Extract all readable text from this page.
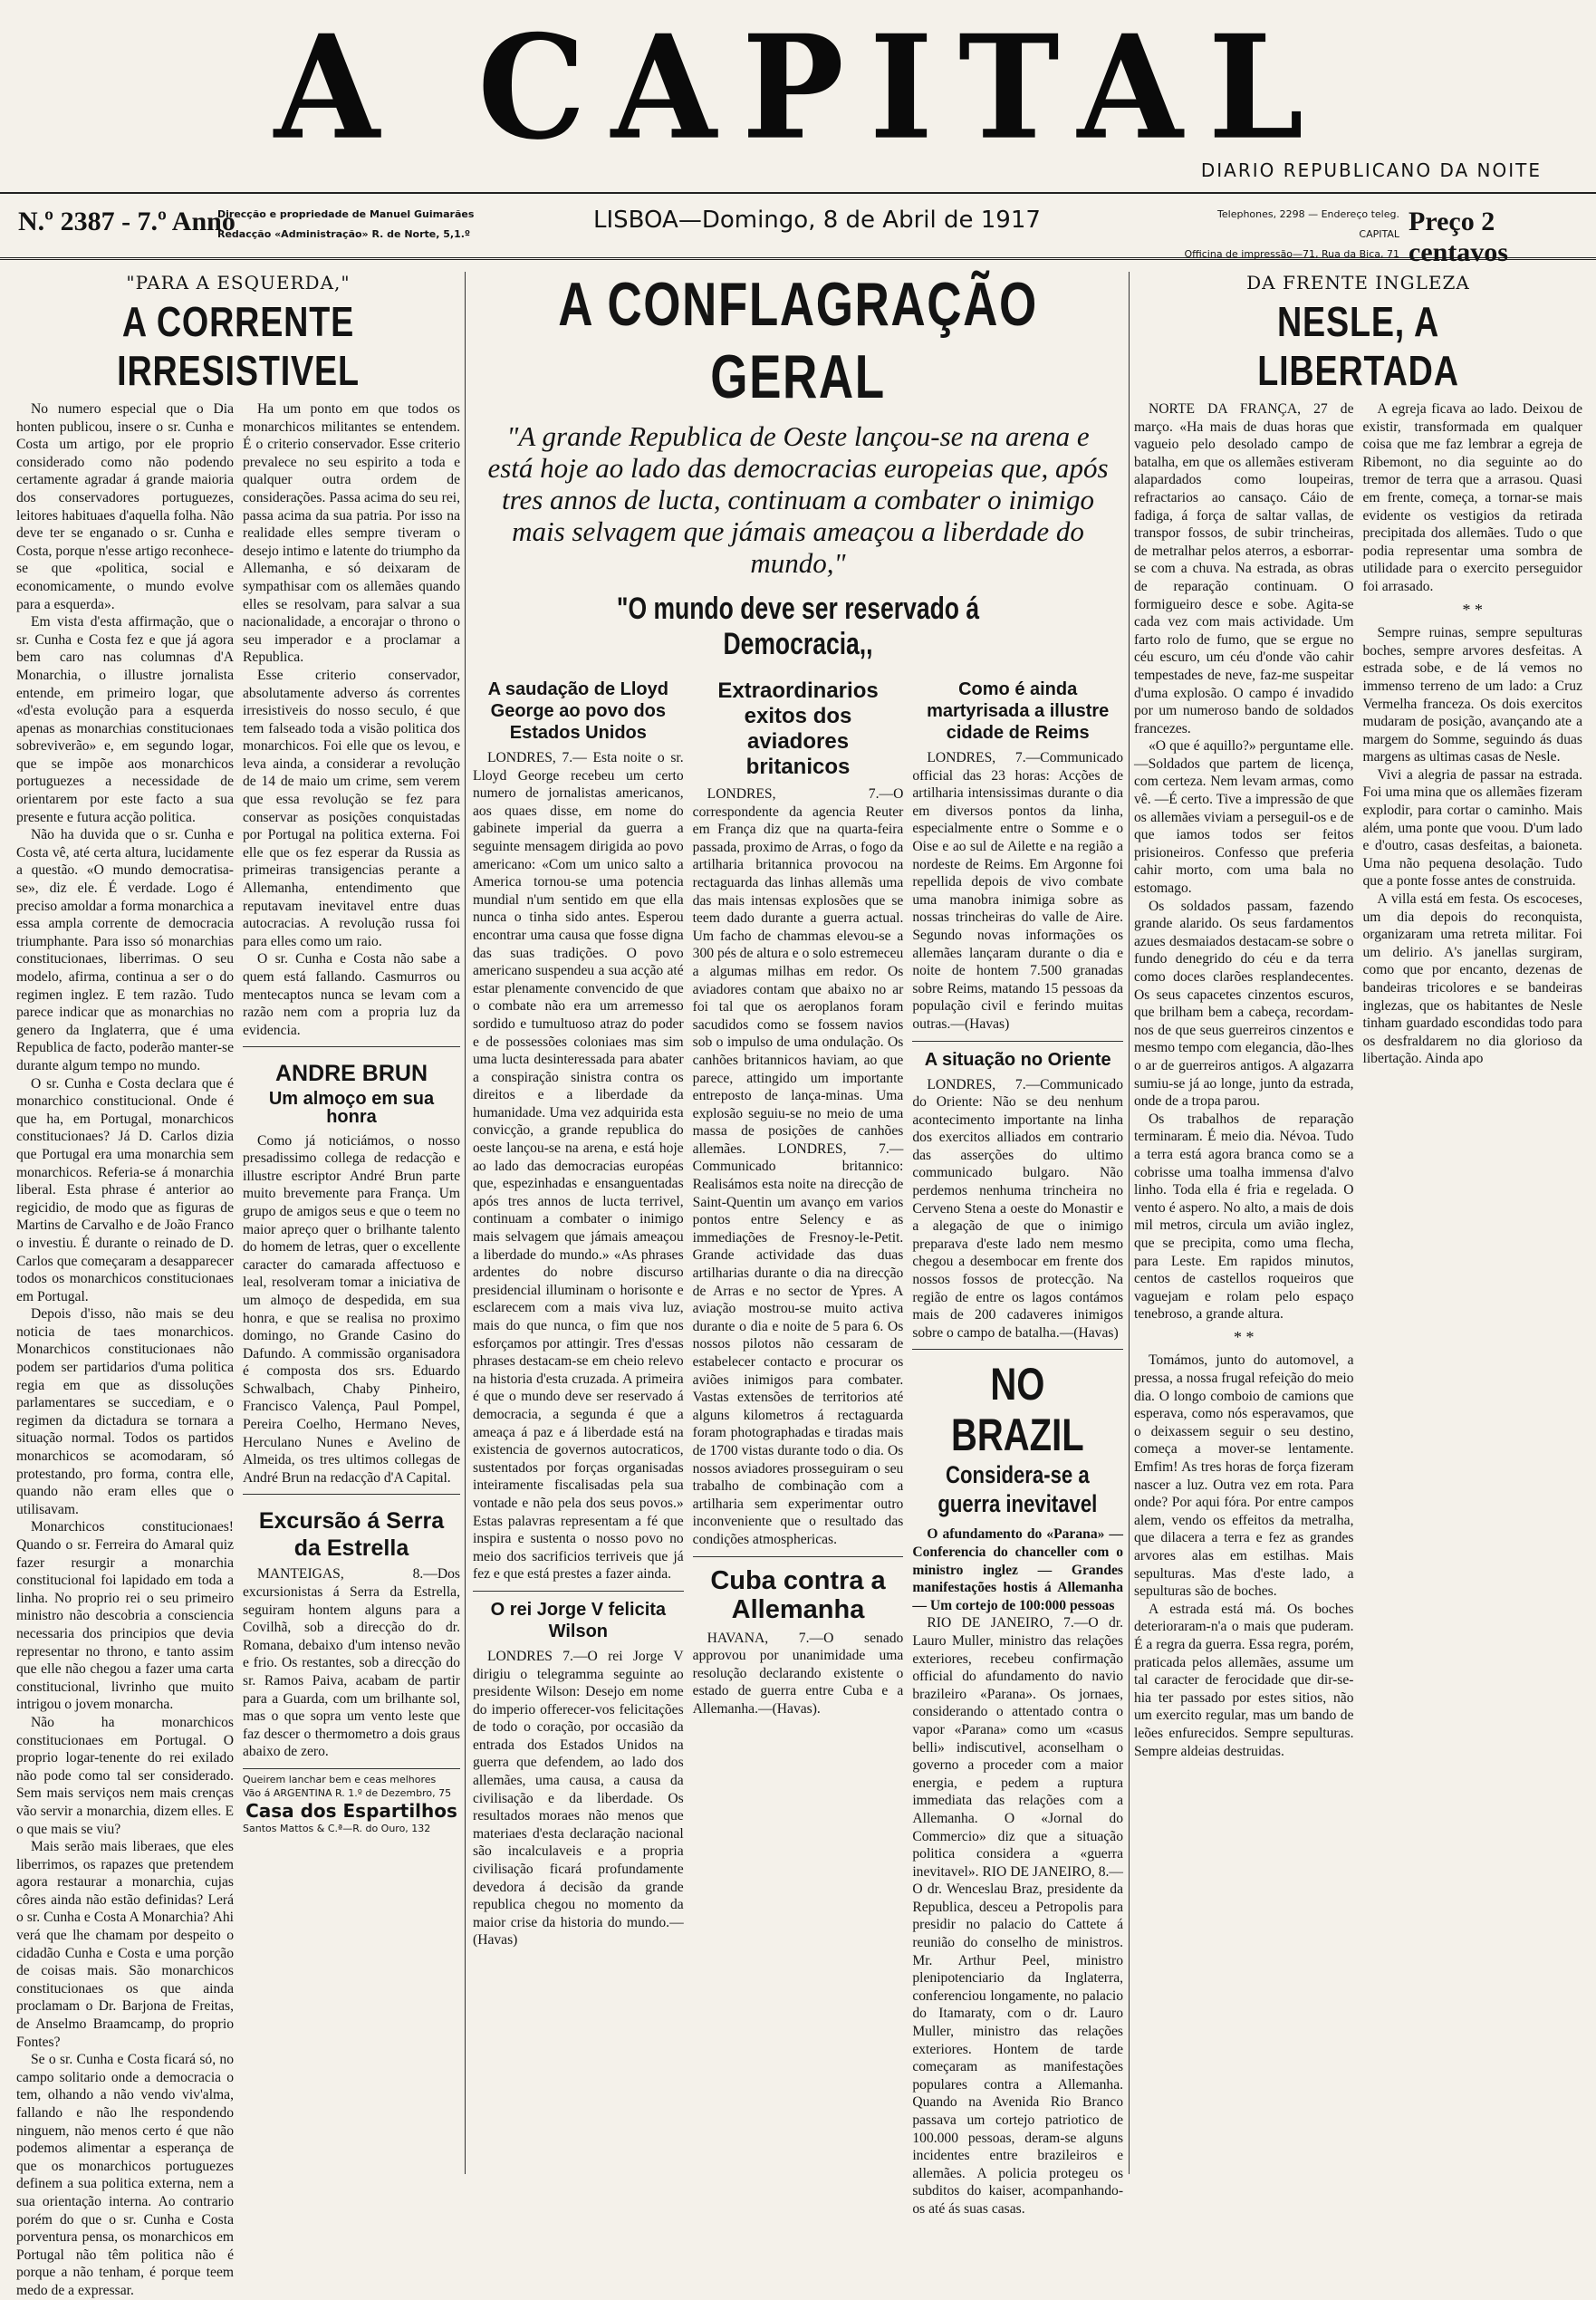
A CAPITAL
DIARIO REPUBLICANO DA NOITE
N.º 2387 - 7.º Anno
Direcção e propriedade de Manuel Guimarães
Redacção «Administração» R. de Norte, 5,1.º
LISBOA—Domingo, 8 de Abril de 1917	Telephones, 2298 — Endereço teleg. CAPITAL
Officina de impressão—71, Rua da Bica, 71
Preço 2 centavos
"PARA A ESQUERDA,"
A CORRENTE IRRESISTIVEL

No numero especial que o Dia honten publicou, insere o sr. Cunha e Costa um artigo, por ele proprio considerado como não podendo certamente agradar á grande maioria dos conservadores portuguezes, leitores habituaes d'aquella folha. Não deve ter se enganado o sr. Cunha e Costa, porque n'esse artigo reconhece-se que «politica, social e economicamente, o mundo evolve para a esquerda».

Em vista d'esta affirmação, que o sr. Cunha e Costa fez e que já agora bem caro nas columnas d'A Monarchia, o illustre jornalista entende, em primeiro logar, que «d'esta evolução para a esquerda apenas as monarchias constitucionaes sobreviverão» e, em segundo logar, que se impõe aos monarchicos portuguezes a necessidade de orientarem por este facto a sua presente e futura acção politica.

Não ha duvida que o sr. Cunha e Costa vê, até certa altura, lucidamente a questão. «O mundo democratisa-se», diz ele. É verdade. Logo é preciso amoldar a forma monarchica a essa ampla corrente de democracia triumphante. Para isso só monarchias constitucionaes, liberrimas. O seu modelo, afirma, continua a ser o do regimen inglez. E tem razão. Tudo parece indicar que as monarchias no genero da Inglaterra, que é uma Republica de facto, poderão manter-se durante algum tempo no mundo.

O sr. Cunha e Costa declara que é monarchico constitucional. Onde é que ha, em Portugal, monarchicos constitucionaes? Já D. Carlos dizia que Portugal era uma monarchia sem monarchicos. Referia-se á monarchia liberal. Esta phrase é anterior ao regicidio, de modo que as figuras de Martins de Carvalho e de João Franco o investiu. É durante o reinado de D. Carlos que começaram a desapparecer todos os monarchicos constitucionaes em Portugal.

Depois d'isso, não mais se deu noticia de taes monarchicos. Monarchicos constitucionaes não podem ser partidarios d'uma politica regia em que as dissoluções parlamentares se succediam, e o regimen da dictadura se tornara a situação normal. Todos os partidos monarchicos se acomodaram, só protestando, pro forma, contra elle, quando não eram elles que o utilisavam.

Monarchicos constitucionaes! Quando o sr. Ferreira do Amaral quiz fazer resurgir a monarchia constitucional foi lapidado em toda a linha. No proprio rei o seu primeiro ministro não descobria a consciencia necessaria dos principios que devia representar no throno, e tanto assim que elle não chegou a fazer uma carta constitucional, livrinho que muito intrigou o jovem monarcha.

Não ha monarchicos constitucionaes em Portugal. O proprio logar-tenente do rei exilado não pode como tal ser considerado. Sem mais serviços nem mais crenças vão servir a monarchia, dizem elles. E o que mais se viu?

Mais serão mais liberaes, que eles liberrimos, os rapazes que pretendem agora restaurar a monarchia, cujas côres ainda não estão definidas? Lerá o sr. Cunha e Costa A Monarchia? Ahi verá que lhe chamam por despeito o cidadão Cunha e Costa e uma porção de coisas mais. São monarchicos constitucionaes os que ainda proclamam o Dr. Barjona de Freitas, de Anselmo Braamcamp, do proprio Fontes?

Se o sr. Cunha e Costa ficará só, no campo solitario onde a democracia o tem, olhando a não vendo viv'alma, fallando e não lhe respondendo ninguem, não menos certo é que não podemos alimentar a esperança de que os monarchicos portuguezes definem a sua politica externa, nem a sua orientação interna. Ao contrario porém do que o sr. Cunha e Costa porventura pensa, os monarchicos em Portugal não têm politica não é porque a não tenham, é porque teem medo de a expressar.

Ha um ponto em que todos os monarchicos militantes se entendem. É o criterio conservador. Esse criterio prevalece no seu espirito a toda e qualquer outra ordem de considerações. Passa acima do seu rei, passa acima da sua patria. Por isso na realidade elles sempre tiveram o desejo intimo e latente do triumpho da Allemanha, e só deixaram de sympathisar com os allemães quando elles se resolvam, para salvar a sua nacionalidade, a encorajar o throno o seu imperador e a proclamar a Republica.

Esse criterio conservador, absolutamente adverso ás correntes irresistiveis do nosso seculo, é que tem falseado toda a visão politica dos monarchicos. Foi elle que os levou, e leva ainda, a considerar a revolução de 14 de maio um crime, sem verem que essa revolução se fez para conservar as posições conquistadas por Portugal na politica externa. Foi elle que os fez esperar da Russia as primeiras transigencias perante a Allemanha, entendimento que reputavam inevitavel entre duas autocracias. A revolução russa foi para elles como um raio.

O sr. Cunha e Costa não sabe a quem está fallando. Casmurros ou mentecaptos nunca se levam com a razão nem com a propria luz da evidencia.

ANDRE BRUN
Um almoço em sua honra

Como já noticiámos, o nosso presadissimo collega de redacção e illustre escriptor André Brun parte muito brevemente para França. Um grupo de amigos seus e que o teem no maior apreço quer o brilhante talento do homem de letras, quer o excellente caracter do camarada affectuoso e leal, resolveram tomar a iniciativa de um almoço de despedida, em sua honra, e que se realisa no proximo domingo, no Grande Casino do Dafundo. A commissão organisadora é composta dos srs. Eduardo Schwalbach, Chaby Pinheiro, Francisco Valença, Paul Pompel, Pereira Coelho, Hermano Neves, Herculano Nunes e Avelino de Almeida, os tres ultimos collegas de André Brun na redacção d'A Capital.

Excursão á Serra da Estrella

MANTEIGAS, 8.—Dos excursionistas á Serra da Estrella, seguiram hontem alguns para a Covilhã, sob a direcção do dr. Romana, debaixo d'um intenso nevão e frio. Os restantes, sob a direcção do sr. Ramos Paiva, acabam de partir para a Guarda, com um brilhante sol, mas o que sopra um vento leste que faz descer o thermometro a dois graus abaixo de zero.

Queirem lanchar bem e ceas melhores
Vão á ARGENTINA R. 1.º de Dezembro, 75
Casa dos Espartilhos
Santos Mattos & C.ª—R. do Ouro, 132
A CONFLAGRAÇÃO GERAL
"A grande Republica de Oeste lançou-se na arena e está hoje ao lado das democracias europeias que, após tres annos de lucta, continuam a combater o inimigo mais selvagem que jámais ameaçou a liberdade do mundo,"
"O mundo deve ser reservado á Democracia,,
A saudação de Lloyd George ao povo dos Estados Unidos

LONDRES, 7.— Esta noite o sr. Lloyd George recebeu um certo numero de jornalistas americanos, aos quaes disse, em nome do gabinete imperial da guerra a seguinte mensagem dirigida ao povo americano: «Com um unico salto a America tornou-se uma potencia mundial n'um sentido em que ella nunca o tinha sido antes. Esperou encontrar uma causa que fosse digna das suas tradições. O povo americano suspendeu a sua acção até estar plenamente convencido de que o combate não era um arremesso sordido e tumultuoso atraz do poder e de possessões coloniaes mas sim uma lucta desinteressada para abater a conspiração sinistra contra os direitos e a liberdade da humanidade. Uma vez adquirida esta convicção, a grande republica do oeste lançou-se na arena, e está hoje ao lado das democracias européas que, espezinhadas e ensanguentadas após tres annos de lucta terrivel, continuam a combater o inimigo mais selvagem que jámais ameaçou a liberdade do mundo.» «As phrases ardentes do nobre discurso presidencial illuminam o horisonte e esclarecem com a mais viva luz, mais do que nunca, o fim que nos esforçamos por attingir. Tres d'essas phrases destacam-se em cheio relevo na historia d'esta cruzada. A primeira é que o mundo deve ser reservado á democracia, a segunda é que a ameaça á paz e á liberdade está na existencia de governos autocraticos, sustentados por forças organisadas inteiramente fiscalisadas pela sua vontade e não pela dos seus povos.» Estas palavras representam a fé que inspira e sustenta o nosso povo no meio dos sacrificios terriveis que já fez e que está prestes a fazer ainda.

O rei Jorge V felicita Wilson

LONDRES 7.—O rei Jorge V dirigiu o telegramma seguinte ao presidente Wilson: Desejo em nome do imperio offerecer-vos felicitações de todo o coração, por occasião da entrada dos Estados Unidos na guerra que defendem, ao lado dos allemães, uma causa, a causa da civilisação e da liberdade. Os resultados moraes não menos que materiaes d'esta declaração nacional são incalculaveis e a propria civilisação ficará profundamente devedora á decisão da grande republica chegou no momento da maior crise da historia do mundo.—(Havas)

Extraordinarios exitos dos aviadores britanicos

LONDRES, 7.—O correspondente da agencia Reuter em França diz que na quarta-feira passada, proximo de Arras, o fogo da artilharia britannica provocou na rectaguarda das linhas allemãs uma das mais intensas explosões que se teem dado durante a guerra actual. Um facho de chammas elevou-se a 300 pés de altura e o solo estremeceu a algumas milhas em redor. Os aviadores contam que abaixo no ar foi tal que os aeroplanos foram sacudidos como se fossem navios sob o impulso de uma ondulação. Os canhões britannicos haviam, ao que parece, attingido um importante entreposto de lança-minas. Uma explosão seguiu-se no meio de uma massa de posições de canhões allemães. LONDRES, 7.—Communicado britannico: Realisámos esta noite na direcção de Saint-Quentin um avanço em varios pontos entre Selency e as immediações de Fresnoy-le-Petit. Grande actividade das duas artilharias durante o dia na direcção de Arras e no sector de Ypres. A aviação mostrou-se muito activa durante o dia e noite de 5 para 6. Os nossos pilotos não cessaram de estabelecer contacto e procurar os aviões inimigos para combater. Vastas extensões de territorios até alguns kilometros á rectaguarda foram photographadas e tiradas mais de 1700 vistas durante todo o dia. Os nossos aviadores prosseguiram o seu trabalho de combinação com a artilharia sem experimentar outro inconveniente que o resultado das condições atmosphericas.

Cuba contra a Allemanha

HAVANA, 7.—O senado approvou por unanimidade uma resolução declarando existente o estado de guerra entre Cuba e a Allemanha.—(Havas).

Como é ainda martyrisada a illustre cidade de Reims

LONDRES, 7.—Communicado official das 23 horas: Acções de artilharia intensissimas durante o dia em diversos pontos da linha, especialmente entre o Somme e o Oise e ao sul de Ailette e na região a nordeste de Reims. Em Argonne foi repellida depois de vivo combate uma manobra inimiga sobre as nossas trincheiras do valle de Aire. Segundo novas informações os allemães lançaram durante o dia e noite de hontem 7.500 granadas sobre Reims, matando 15 pessoas da população civil e ferindo muitas outras.—(Havas)

A situação no Oriente

LONDRES, 7.—Communicado do Oriente: Não se deu nenhum acontecimento importante na linha dos exercitos alliados em contrario das asserções do ultimo communicado bulgaro. Não perdemos nenhuma trincheira no Cerveno Stena a oeste do Monastir e a alegação de que o inimigo preparava d'este lado nem mesmo chegou a desembocar em frente dos nossos fossos de protecção. Na região de entre os lagos contámos mais de 200 cadaveres inimigos sobre o campo de batalha.—(Havas)

NO BRAZIL
Considera-se a guerra inevitavel

O afundamento do «Parana» — Conferencia do chanceller com o ministro inglez — Grandes manifestações hostis á Allemanha — Um cortejo de 100:000 pessoas

RIO DE JANEIRO, 7.—O dr. Lauro Muller, ministro das relações exteriores, recebeu confirmação official do afundamento do navio brazileiro «Parana». Os jornaes, considerando o attentado contra o vapor «Parana» como um «casus belli» indiscutivel, aconselham o governo a proceder com a maior energia, e pedem a ruptura immediata das relações com a Allemanha. O «Jornal do Commercio» diz que a situação politica considera a «guerra inevitavel». RIO DE JANEIRO, 8.—O dr. Wenceslau Braz, presidente da Republica, desceu a Petropolis para presidir no palacio do Cattete á reunião do conselho de ministros. Mr. Arthur Peel, ministro plenipotenciario da Inglaterra, conferenciou longamente, no palacio do Itamaraty, com o dr. Lauro Muller, ministro das relações exteriores. Hontem de tarde começaram as manifestações populares contra a Allemanha. Quando na Avenida Rio Branco passava um cortejo patriotico de 100.000 pessoas, deram-se alguns incidentes entre brazileiros e allemães. A policia protegeu os subditos do kaiser, acompanhando-os até ás suas casas.

DA FRENTE INGLEZA
NESLE, A LIBERTADA

NORTE DA FRANÇA, 27 de março. «Ha mais de duas horas que vagueio pelo desolado campo de batalha, em que os allemães estiveram alapardados como loupeiras, refractarios ao cansaço. Cáio de fadiga, á força de saltar vallas, de transpor fossos, de subir trincheiras, de metralhar pelos aterros, a esborrar-se com a chuva. Na estrada, as obras de reparação continuam. O formigueiro desce e sobe. Agita-se cada vez com mais actividade. Um farto rolo de fumo, que se ergue no céu escuro, um céu d'onde vão cahir tempestades de neve, faz-me suspeitar d'uma explosão. O campo é invadido por um numeroso bando de soldados francezes.

«O que é aquillo?» perguntame elle. —Soldados que partem de licença, com certeza. Nem levam armas, como vê. —É certo. Tive a impressão de que os allemães viviam a perseguil-os e de que iamos todos ser feitos prisioneiros. Confesso que preferia cahir morto, com uma bala no estomago.

Os soldados passam, fazendo grande alarido. Os seus fardamentos azues desmaiados destacam-se sobre o fundo denegrido do céu e da terra como doces clarões resplandecentes. Os seus capacetes cinzentos escuros, que brilham bem a cabeça, recordam-nos de que seus guerreiros cinzentos e mesmo tempo com elegancia, dão-lhes o ar de guerreiros antigos. A algazarra sumiu-se já ao longe, junto da estrada, onde de a tropa parou.

Os trabalhos de reparação terminaram. É meio dia. Névoa. Tudo a terra está agora branca como se a cobrisse uma toalha immensa d'alvo linho. Toda ella é fria e regelada. O vento é aspero. No alto, a mais de dois mil metros, circula um avião inglez, que se precipita, como uma flecha, para Leste. Em rapidos minutos, centos de castellos roqueiros que vaguejam e rolam pelo espaço tenebroso, a grande altura.

* *

Tomámos, junto do automovel, a pressa, a nossa frugal refeição do meio dia. O longo comboio de camions que esperava, como nós esperavamos, que o deixassem seguir o seu destino, começa a mover-se lentamente. Emfim! As tres horas de força fizeram nascer a luz. Outra vez em rota. Para onde? Por aqui fóra. Por entre campos alem, vendo os effeitos da metralha, que dilacera a terra e fez as grandes arvores alas em estilhas. Mais sepulturas. Mas d'este lado, a sepulturas são de boches.

A estrada está má. Os boches deterioraram-n'a o mais que puderam. É a regra da guerra. Essa regra, porém, praticada pelos allemães, assume um tal caracter de ferocidade que dir-se-hia ter passado por estes sitios, não um exercito regular, mas um bando de leões enfurecidos. Sempre sepulturas. Sempre aldeias destruidas.

A egreja ficava ao lado. Deixou de existir, transformada em qualquer coisa que me faz lembrar a egreja de Ribemont, no dia seguinte ao do tremor de terra que a arrasou. Quasi em frente, começa, a tornar-se mais evidente os vestigios da retirada precipitada dos allemães. Tudo o que podia representar uma sombra de utilidade para o exercito perseguidor foi arrasado.

* *

Sempre ruinas, sempre sepulturas boches, sempre arvores desfeitas. A estrada sobe, e de lá vemos no immenso terreno de um lado: a Cruz Vermelha franceza. Os dois exercitos mudaram de posição, avançando ate a margem do Somme, seguindo ás duas margens as ultimas casas de Nesle.

Vivi a alegria de passar na estrada. Foi uma mina que os allemães fizeram explodir, para cortar o caminho. Mais além, uma ponte que voou. D'um lado e d'outro, casas desfeitas, a baioneta. Uma não pequena desolação. Tudo que a ponte fosse antes de construida.

A villa está em festa. Os escoceses, um dia depois do reconquista, organizaram uma retreta militar. Foi um delirio. A's janellas surgiram, como que por encanto, dezenas de bandeiras tricolores e se bandeiras inglezas, que os habitantes de Nesle tinham guardado escondidas todo para os desfraldarem no dia glorioso da libertação. Ainda apo
